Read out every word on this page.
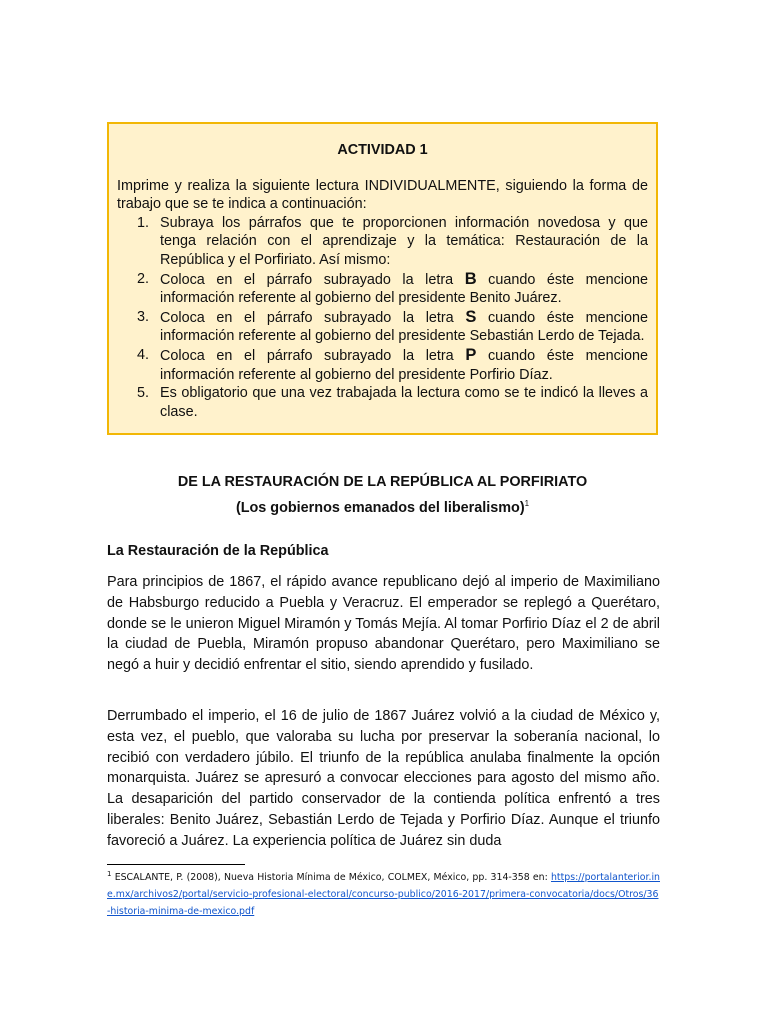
ACTIVIDAD 1

Imprime y realiza la siguiente lectura INDIVIDUALMENTE, siguiendo la forma de trabajo que se te indica a continuación:

1. Subraya los párrafos que te proporcionen información novedosa y que tenga relación con el aprendizaje y la temática: Restauración de la República y el Porfiriato. Así mismo:
2. Coloca en el párrafo subrayado la letra B cuando éste mencione información referente al gobierno del presidente Benito Juárez.
3. Coloca en el párrafo subrayado la letra S cuando éste mencione información referente al gobierno del presidente Sebastián Lerdo de Tejada.
4. Coloca en el párrafo subrayado la letra P cuando éste mencione información referente al gobierno del presidente Porfirio Díaz.
5. Es obligatorio que una vez trabajada la lectura como se te indicó la lleves a clase.
DE LA RESTAURACIÓN DE LA REPÚBLICA AL PORFIRIATO
(Los gobiernos emanados del liberalismo)$^1$
La Restauración de la República

Para principios de 1867, el rápido avance republicano dejó al imperio de Maximiliano de Habsburgo reducido a Puebla y Veracruz. El emperador se replegó a Querétaro, donde se le unieron Miguel Miramón y Tomás Mejía. Al tomar Porfirio Díaz el 2 de abril la ciudad de Puebla, Miramón propuso abandonar Querétaro, pero Maximiliano se negó a huir y decidió enfrentar el sitio, siendo aprendido y fusilado.

Derrumbado el imperio, el 16 de julio de 1867 Juárez volvió a la ciudad de México y, esta vez, el pueblo, que valoraba su lucha por preservar la soberanía nacional, lo recibió con verdadero júbilo. El triunfo de la república anulaba finalmente la opción monarquista. Juárez se apresuró a convocar elecciones para agosto del mismo año. La desaparición del partido conservador de la contienda política enfrentó a tres liberales: Benito Juárez, Sebastián Lerdo de Tejada y Porfirio Díaz. Aunque el triunfo favoreció a Juárez. La experiencia política de Juárez sin duda

$^1$ ESCALANTE, P. (2008), Nueva Historia Mínima de México, COLMEX, México, pp. 314-358 en: https://portalanterior.ine.mx/archivos2/portal/servicio-profesional-electoral/concurso-publico/2016-2017/primera-convocatoria/docs/Otros/36-historia-minima-de-mexico.pdf
